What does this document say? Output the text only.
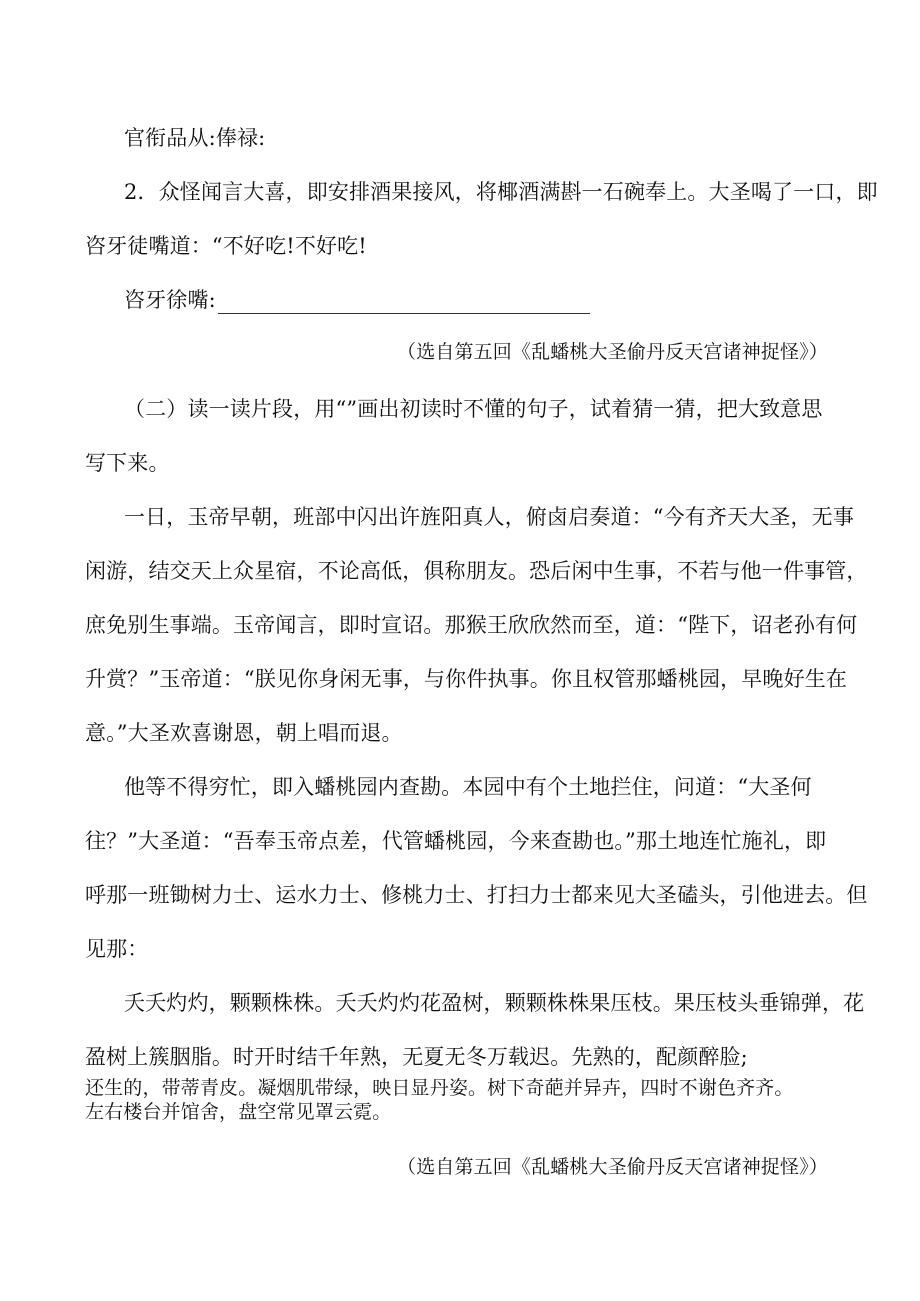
官衔品从:俸禄:
2．众怪闻言大喜，即安排酒果接风，将椰酒满斟一石碗奉上。大圣喝了一口，即
咨牙徒嘴道：“不好吃!不好吃!
咨牙徐嘴:
（选自第五回《乱蟠桃大圣偷丹反天宫诸神捉怪》）
（二）读一读片段，用“”画出初读时不懂的句子，试着猜一猜，把大致意思
写下来。
一日，玉帝早朝，班部中闪出许旌阳真人，俯卤启奏道：“今有齐天大圣，无事
闲游，结交天上众星宿，不论高低，俱称朋友。恐后闲中生事，不若与他一件事管，
庶免别生事端。玉帝闻言，即时宣诏。那猴王欣欣然而至，道：“陛下，诏老孙有何
升赏？”玉帝道：“朕见你身闲无事，与你件执事。你且权管那蟠桃园，早晚好生在
意。”大圣欢喜谢恩，朝上唱而退。
他等不得穷忙，即入蟠桃园内查勘。本园中有个土地拦住，问道：“大圣何
往？”大圣道：“吾奉玉帝点差，代管蟠桃园，今来查勘也。”那土地连忙施礼，即
呼那一班锄树力士、运水力士、修桃力士、打扫力士都来见大圣磕头，引他进去。但
见那：
夭夭灼灼，颗颗株株。夭夭灼灼花盈树，颗颗株株果压枝。果压枝头垂锦弹，花
盈树上簇胭脂。时开时结千年熟，无夏无冬万载迟。先熟的，配颜醉脸;
还生的，带蒂青皮。凝烟肌带绿，映日显丹姿。树下奇葩并异卉，四时不谢色齐齐。
左右楼台并馆舍，盘空常见罩云霓。
（选自第五回《乱蟠桃大圣偷丹反天宫诸神捉怪》）
